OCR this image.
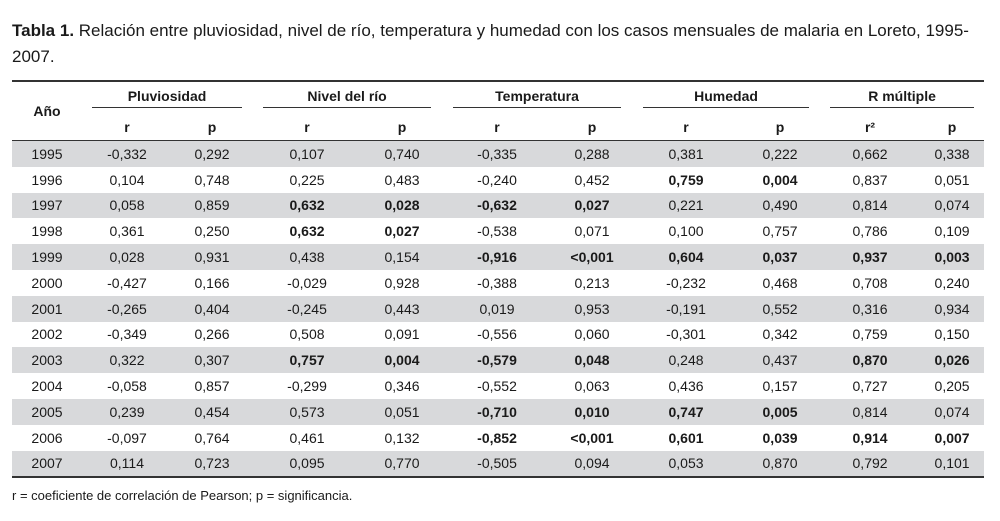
Tabla 1. Relación entre pluviosidad, nivel de río, temperatura y humedad con los casos mensuales de malaria en Loreto, 1995-2007.
Año	Pluviosidad		Nivel del río		Temperatura		Humedad		R múltiple	
	r	p	r	p	r	p	r	p	r²	p
1995	-0,332	0,292	0,107	0,740	-0,335	0,288	0,381	0,222	0,662	0,338
1996	0,104	0,748	0,225	0,483	-0,240	0,452	0,759	0,004	0,837	0,051
1997	0,058	0,859	0,632	0,028	-0,632	0,027	0,221	0,490	0,814	0,074
1998	0,361	0,250	0,632	0,027	-0,538	0,071	0,100	0,757	0,786	0,109
1999	0,028	0,931	0,438	0,154	-0,916	<0,001	0,604	0,037	0,937	0,003
2000	-0,427	0,166	-0,029	0,928	-0,388	0,213	-0,232	0,468	0,708	0,240
2001	-0,265	0,404	-0,245	0,443	0,019	0,953	-0,191	0,552	0,316	0,934
2002	-0,349	0,266	0,508	0,091	-0,556	0,060	-0,301	0,342	0,759	0,150
2003	0,322	0,307	0,757	0,004	-0,579	0,048	0,248	0,437	0,870	0,026
2004	-0,058	0,857	-0,299	0,346	-0,552	0,063	0,436	0,157	0,727	0,205
2005	0,239	0,454	0,573	0,051	-0,710	0,010	0,747	0,005	0,814	0,074
2006	-0,097	0,764	0,461	0,132	-0,852	<0,001	0,601	0,039	0,914	0,007
2007	0,114	0,723	0,095	0,770	-0,505	0,094	0,053	0,870	0,792	0,101
r = coeficiente de correlación de Pearson; p = significancia.
